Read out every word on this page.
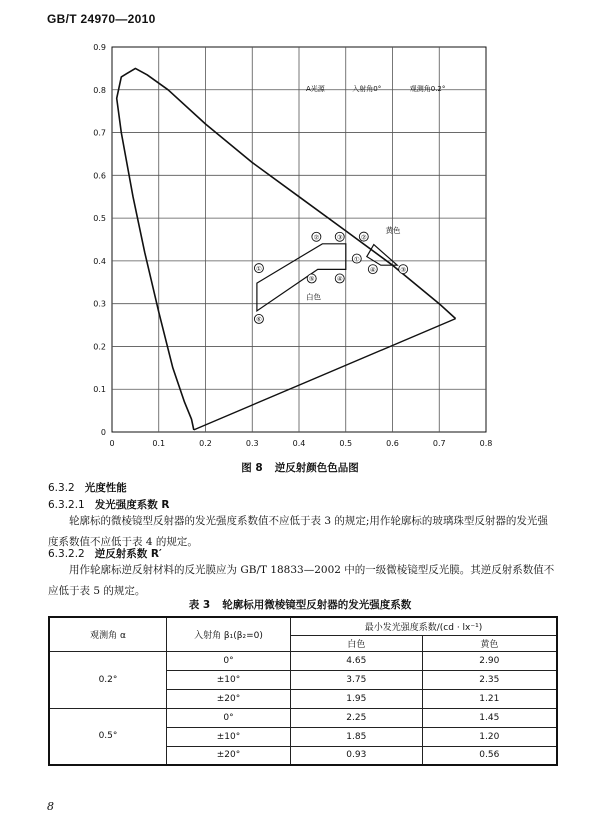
GB/T 24970—2010
0	0.1	0.2	0.3	0.4	0.5	0.6	0.7	0.8
0
0.1
0.2
0.3
0.4
0.5
0.6
0.7
0.8
0.9
①
②	③
④
⑤
⑥
白色
①
②
③
④
黄色
A光源	入射角0°	观测角0.2°
图 8 逆反射颜色色品图
6.3.2 光度性能
6.3.2.1 发光强度系数 R
轮廓标的微棱镜型反射器的发光强度系数值不应低于表 3 的规定;用作轮廓标的玻璃珠型反射器的发光强度系数值不应低于表 4 的规定。
6.3.2.2 逆反射系数 R′
用作轮廓标逆反射材料的反光膜应为 GB/T 18833—2002 中的一级微棱镜型反光膜。其逆反射系数值不应低于表 5 的规定。
表 3 轮廓标用微棱镜型反射器的发光强度系数
观测角 α	入射角 β₁(β₂=0)	最小发光强度系数/(cd · lx⁻¹)	
		白色	黄色
0.2°	0°	4.65	2.90
	±10°	3.75	2.35
	±20°	1.95	1.21
0.5°	0°	2.25	1.45
	±10°	1.85	1.20
	±20°	0.93	0.56
8
